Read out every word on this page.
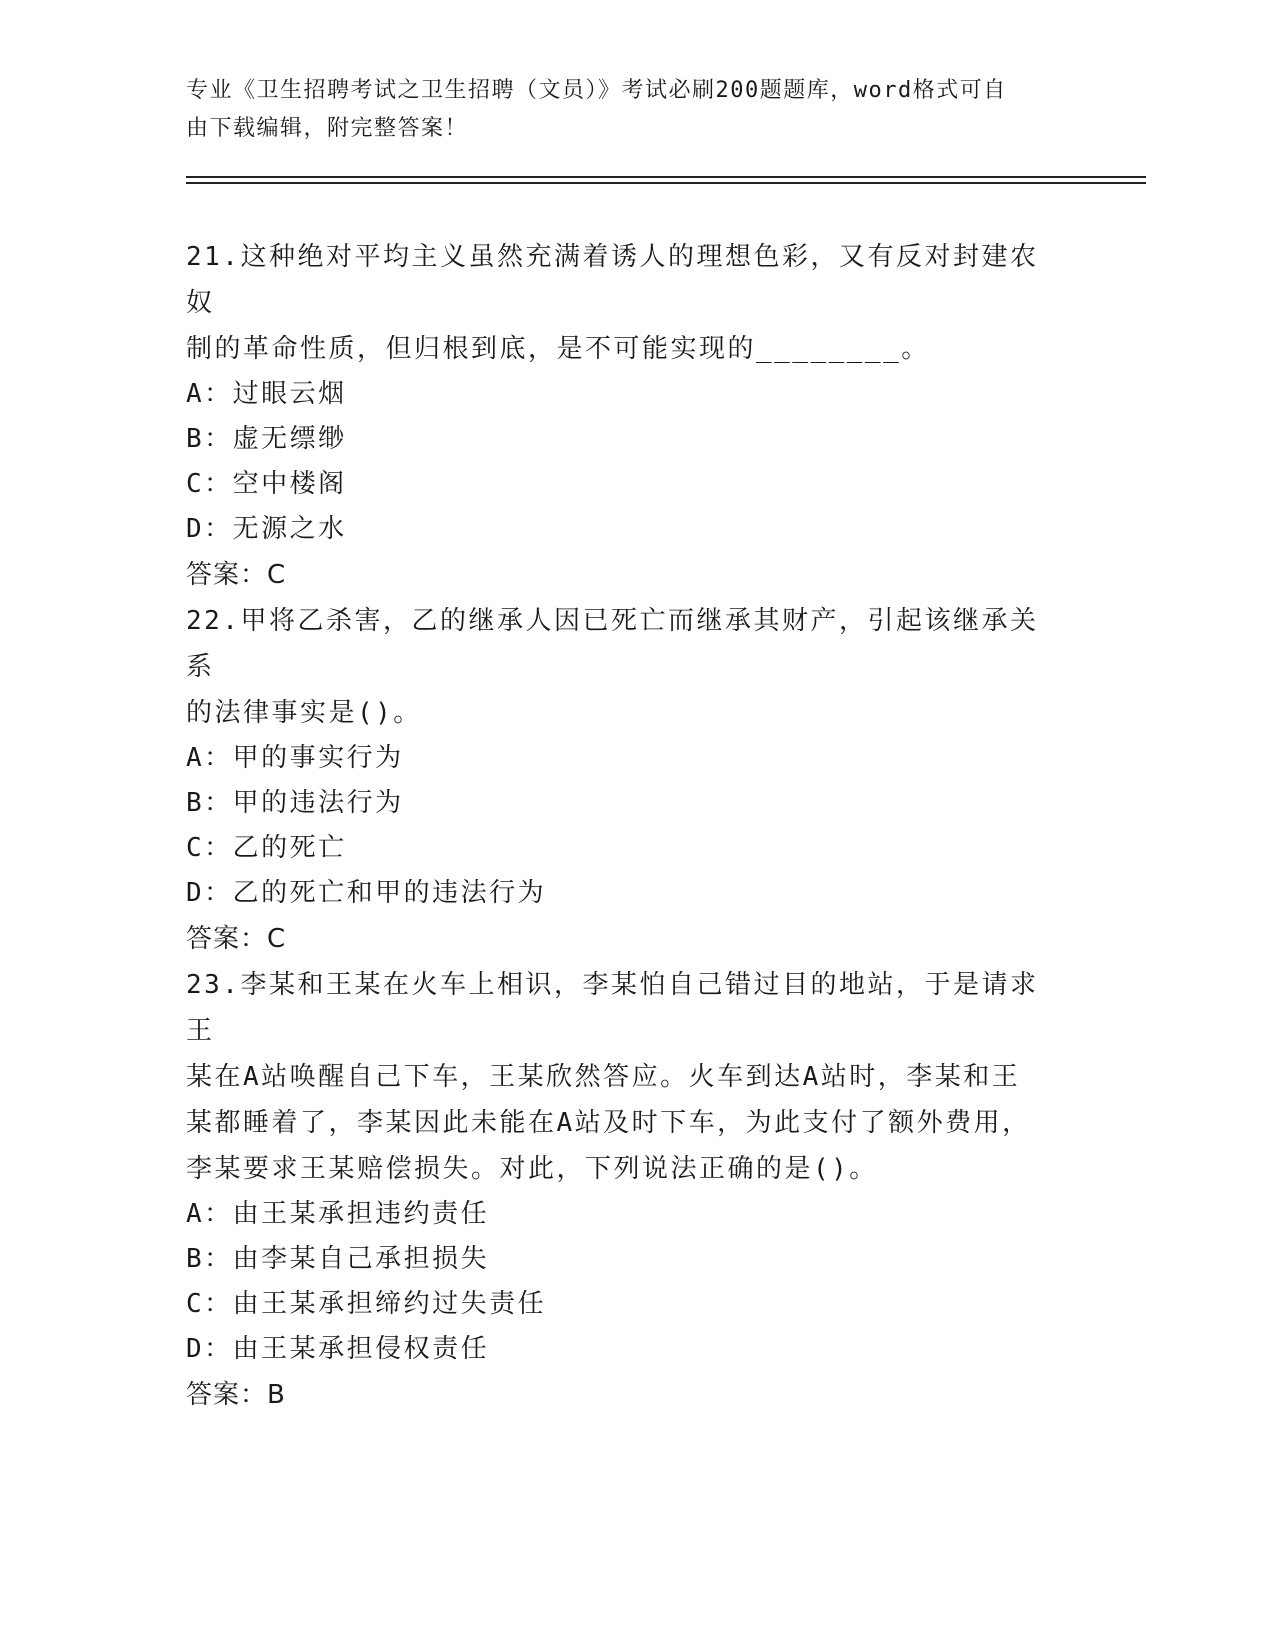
专业《卫生招聘考试之卫生招聘（文员）》考试必刷200题题库，word格式可自
由下载编辑，附完整答案！

21.这种绝对平均主义虽然充满着诱人的理想色彩，又有反对封建农奴

制的革命性质，但归根到底，是不可能实现的________。

A：过眼云烟

B：虚无缥缈

C：空中楼阁

D：无源之水

答案：C

22.甲将乙杀害，乙的继承人因已死亡而继承其财产，引起该继承关系

的法律事实是()。

A：甲的事实行为

B：甲的违法行为

C：乙的死亡

D：乙的死亡和甲的违法行为

答案：C

23.李某和王某在火车上相识，李某怕自己错过目的地站，于是请求王

某在A站唤醒自己下车，王某欣然答应。火车到达A站时，李某和王

某都睡着了，李某因此未能在A站及时下车，为此支付了额外费用，

李某要求王某赔偿损失。对此，下列说法正确的是()。

A：由王某承担违约责任

B：由李某自己承担损失

C：由王某承担缔约过失责任

D：由王某承担侵权责任

答案：B
